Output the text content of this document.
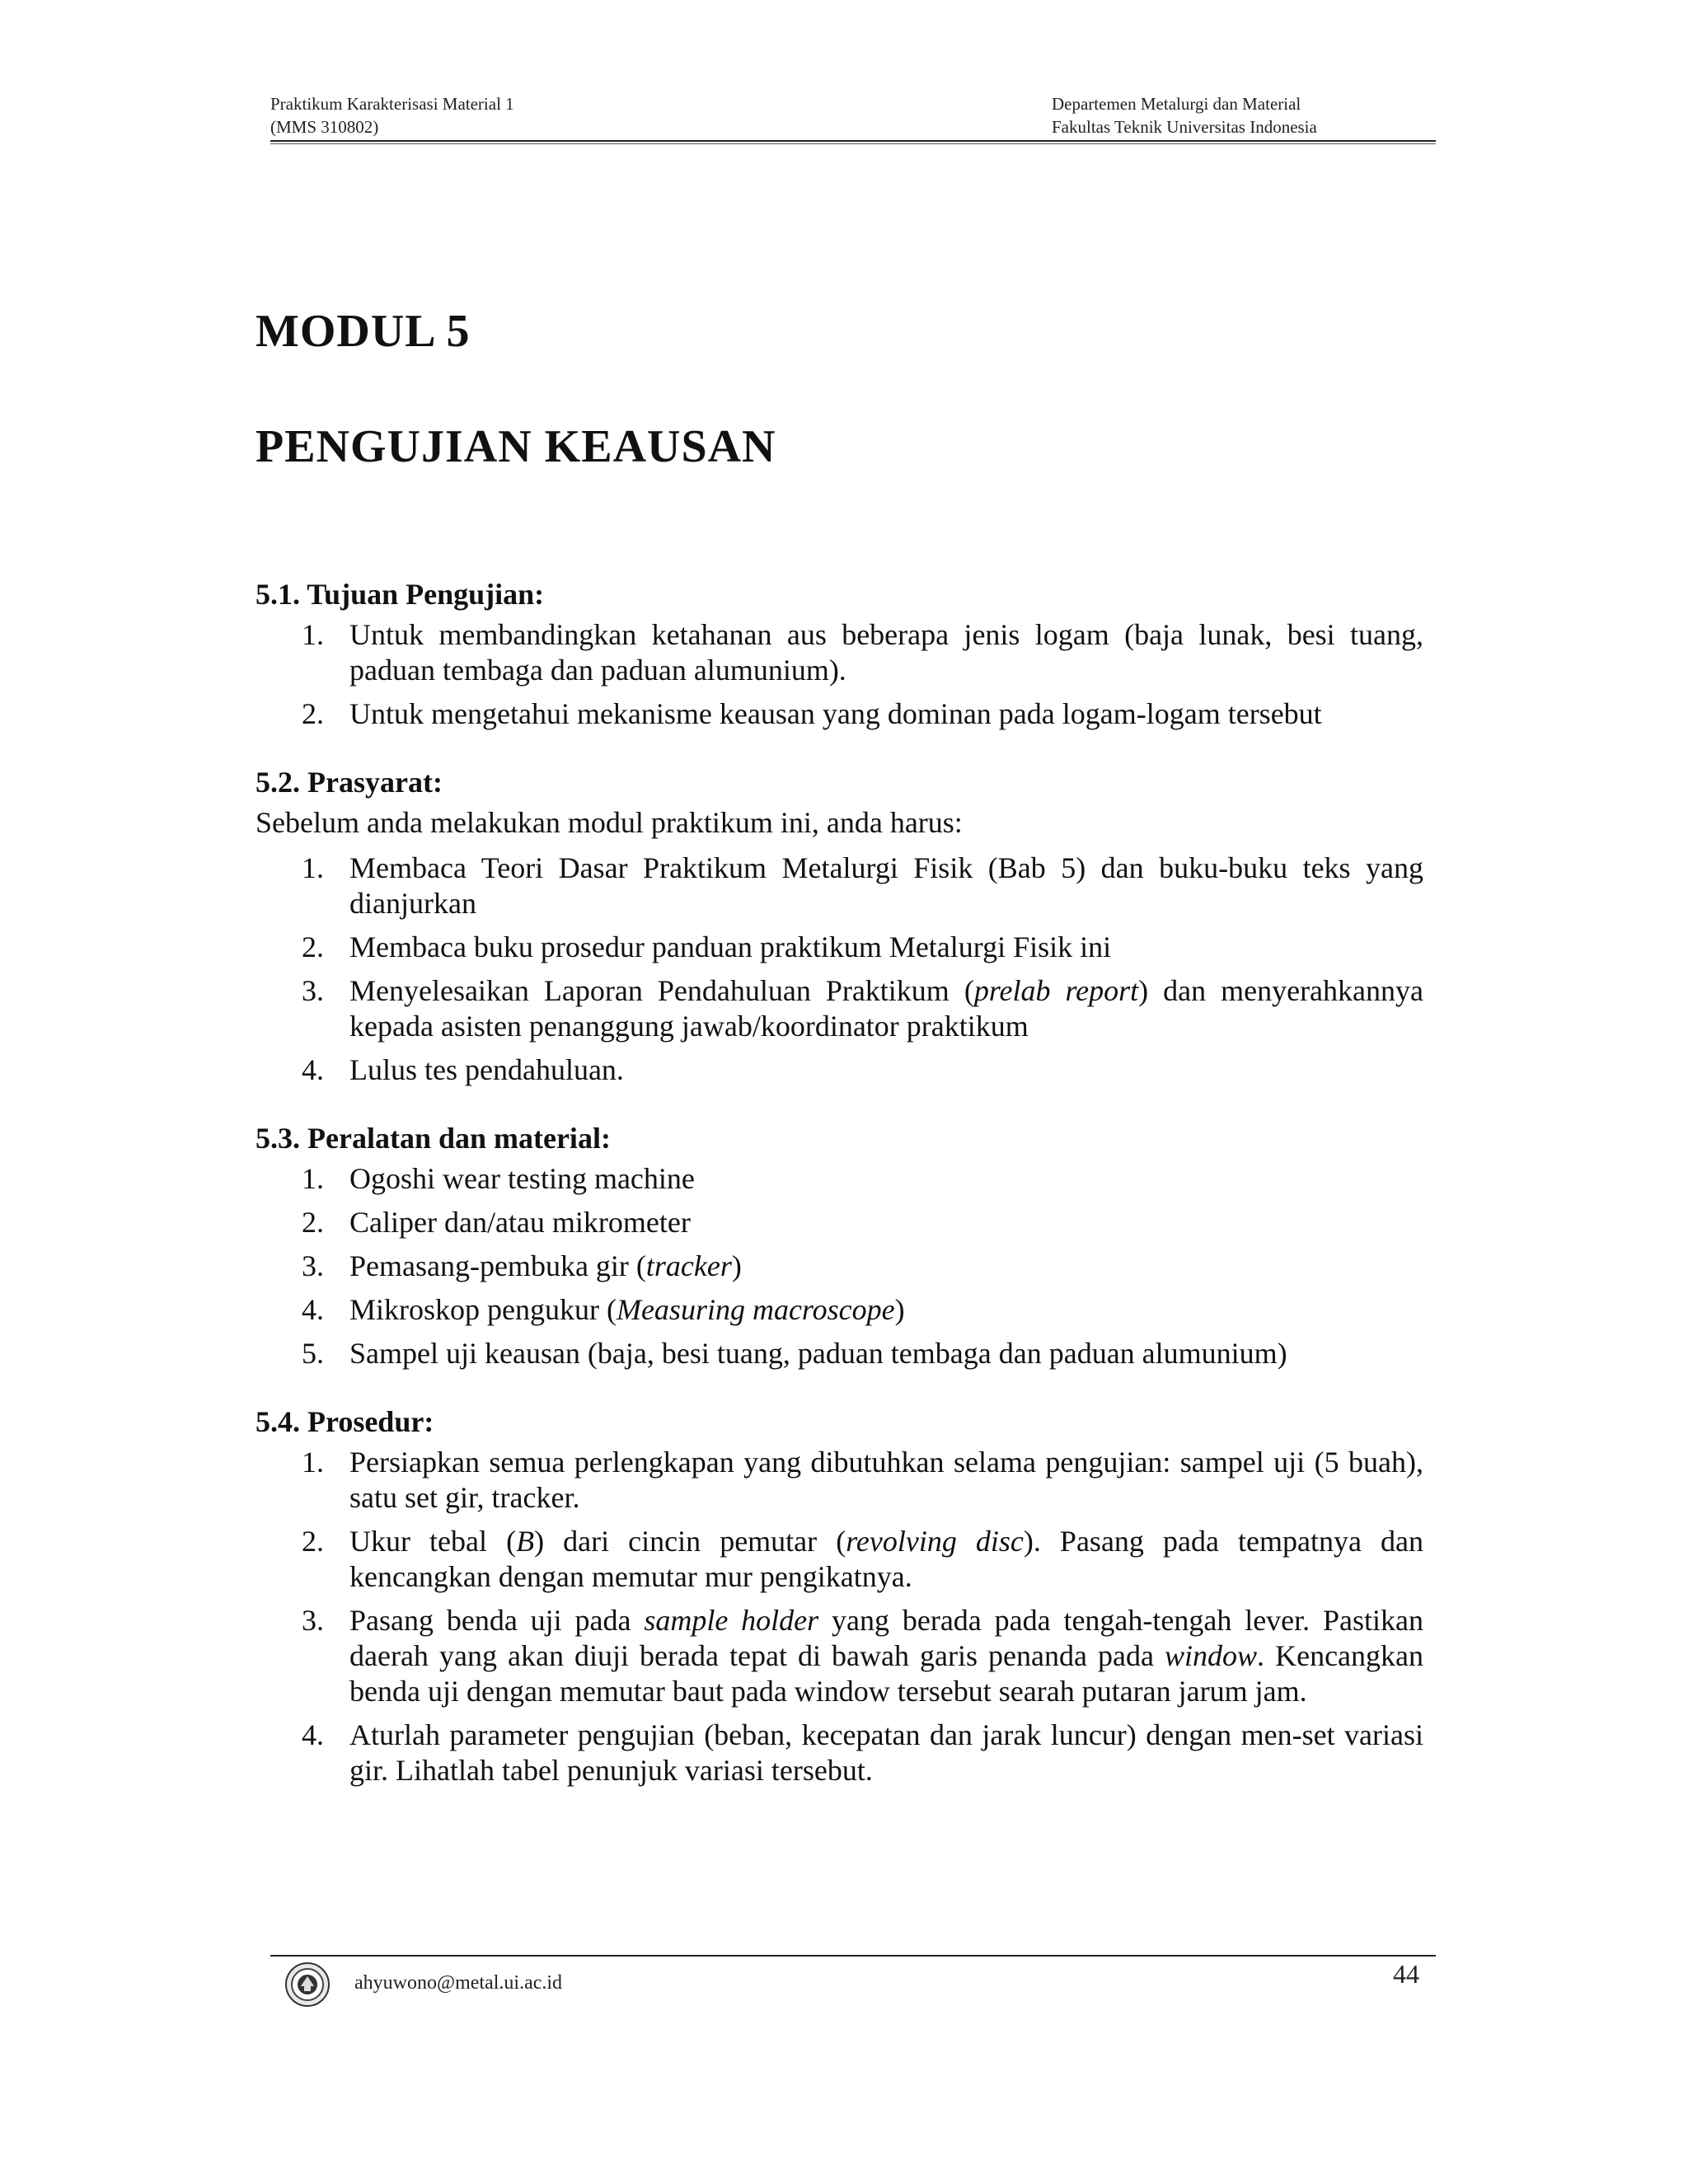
Praktikum Karakterisasi Material 1
(MMS 310802)
Departemen Metalurgi dan Material
Fakultas Teknik Universitas Indonesia
MODUL 5
PENGUJIAN KEAUSAN
5.1. Tujuan Pengujian:
1. Untuk membandingkan ketahanan aus beberapa jenis logam (baja lunak, besi tuang, paduan tembaga dan paduan alumunium).
2. Untuk mengetahui mekanisme keausan yang dominan pada logam-logam tersebut
5.2. Prasyarat:
Sebelum anda melakukan modul praktikum ini, anda harus:
1. Membaca Teori Dasar Praktikum Metalurgi Fisik (Bab 5) dan buku-buku teks yang dianjurkan
2. Membaca buku prosedur panduan praktikum Metalurgi Fisik ini
3. Menyelesaikan Laporan Pendahuluan Praktikum (prelab report) dan menyerahkannya kepada asisten penanggung jawab/koordinator praktikum
4. Lulus tes pendahuluan.
5.3. Peralatan dan material:
1. Ogoshi wear testing machine
2. Caliper dan/atau mikrometer
3. Pemasang-pembuka gir (tracker)
4. Mikroskop pengukur (Measuring macroscope)
5. Sampel uji keausan (baja, besi tuang, paduan tembaga dan paduan alumunium)
5.4. Prosedur:
1. Persiapkan semua perlengkapan yang dibutuhkan selama pengujian: sampel uji (5 buah), satu set gir, tracker.
2. Ukur tebal (B) dari cincin pemutar (revolving disc). Pasang pada tempatnya dan kencangkan dengan memutar mur pengikatnya.
3. Pasang benda uji pada sample holder yang berada pada tengah-tengah lever. Pastikan daerah yang akan diuji berada tepat di bawah garis penanda pada window. Kencangkan benda uji dengan memutar baut pada window tersebut searah putaran jarum jam.
4. Aturlah parameter pengujian (beban, kecepatan dan jarak luncur) dengan men-set variasi gir. Lihatlah tabel penunjuk variasi tersebut.
ahyuwono@metal.ui.ac.id	44
